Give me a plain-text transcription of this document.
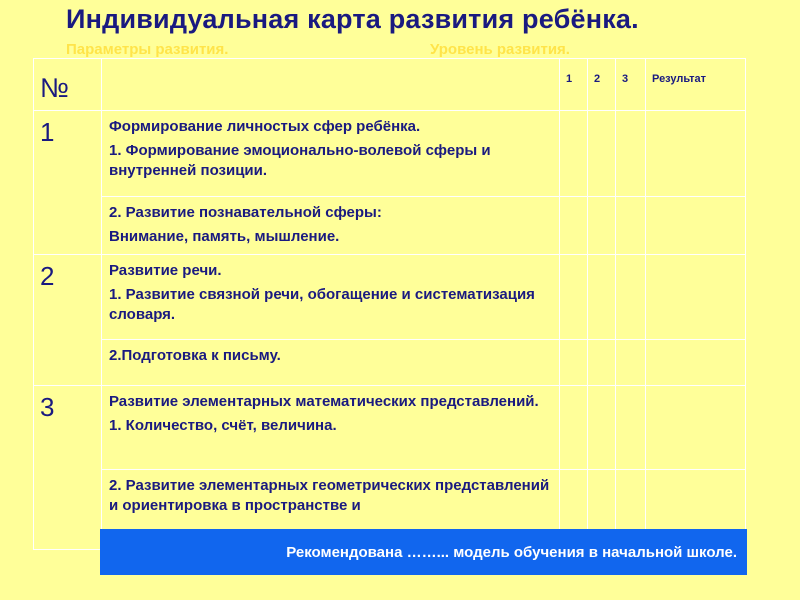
Индивидуальная карта развития ребёнка.
Параметры развития.	Уровень развития.
№		1	2	3	Результат
1	Формирование личностых сфер ребёнка.

1. Формирование эмоционально-волевой сферы и внутренней позиции.				

	2. Развитие познавательной сферы:

Внимание, память, мышление.				

2	Развитие речи.

1. Развитие связной речи, обогащение и систематизация словаря.				

	2.Подготовка к письму.				

3	Развитие элементарных математических представлений.

1. Количество, счёт, величина.				

	2. Развитие элементарных геометрических представлений и ориентировка в пространстве и				

Рекомендована ……... модель обучения в начальной школе.
